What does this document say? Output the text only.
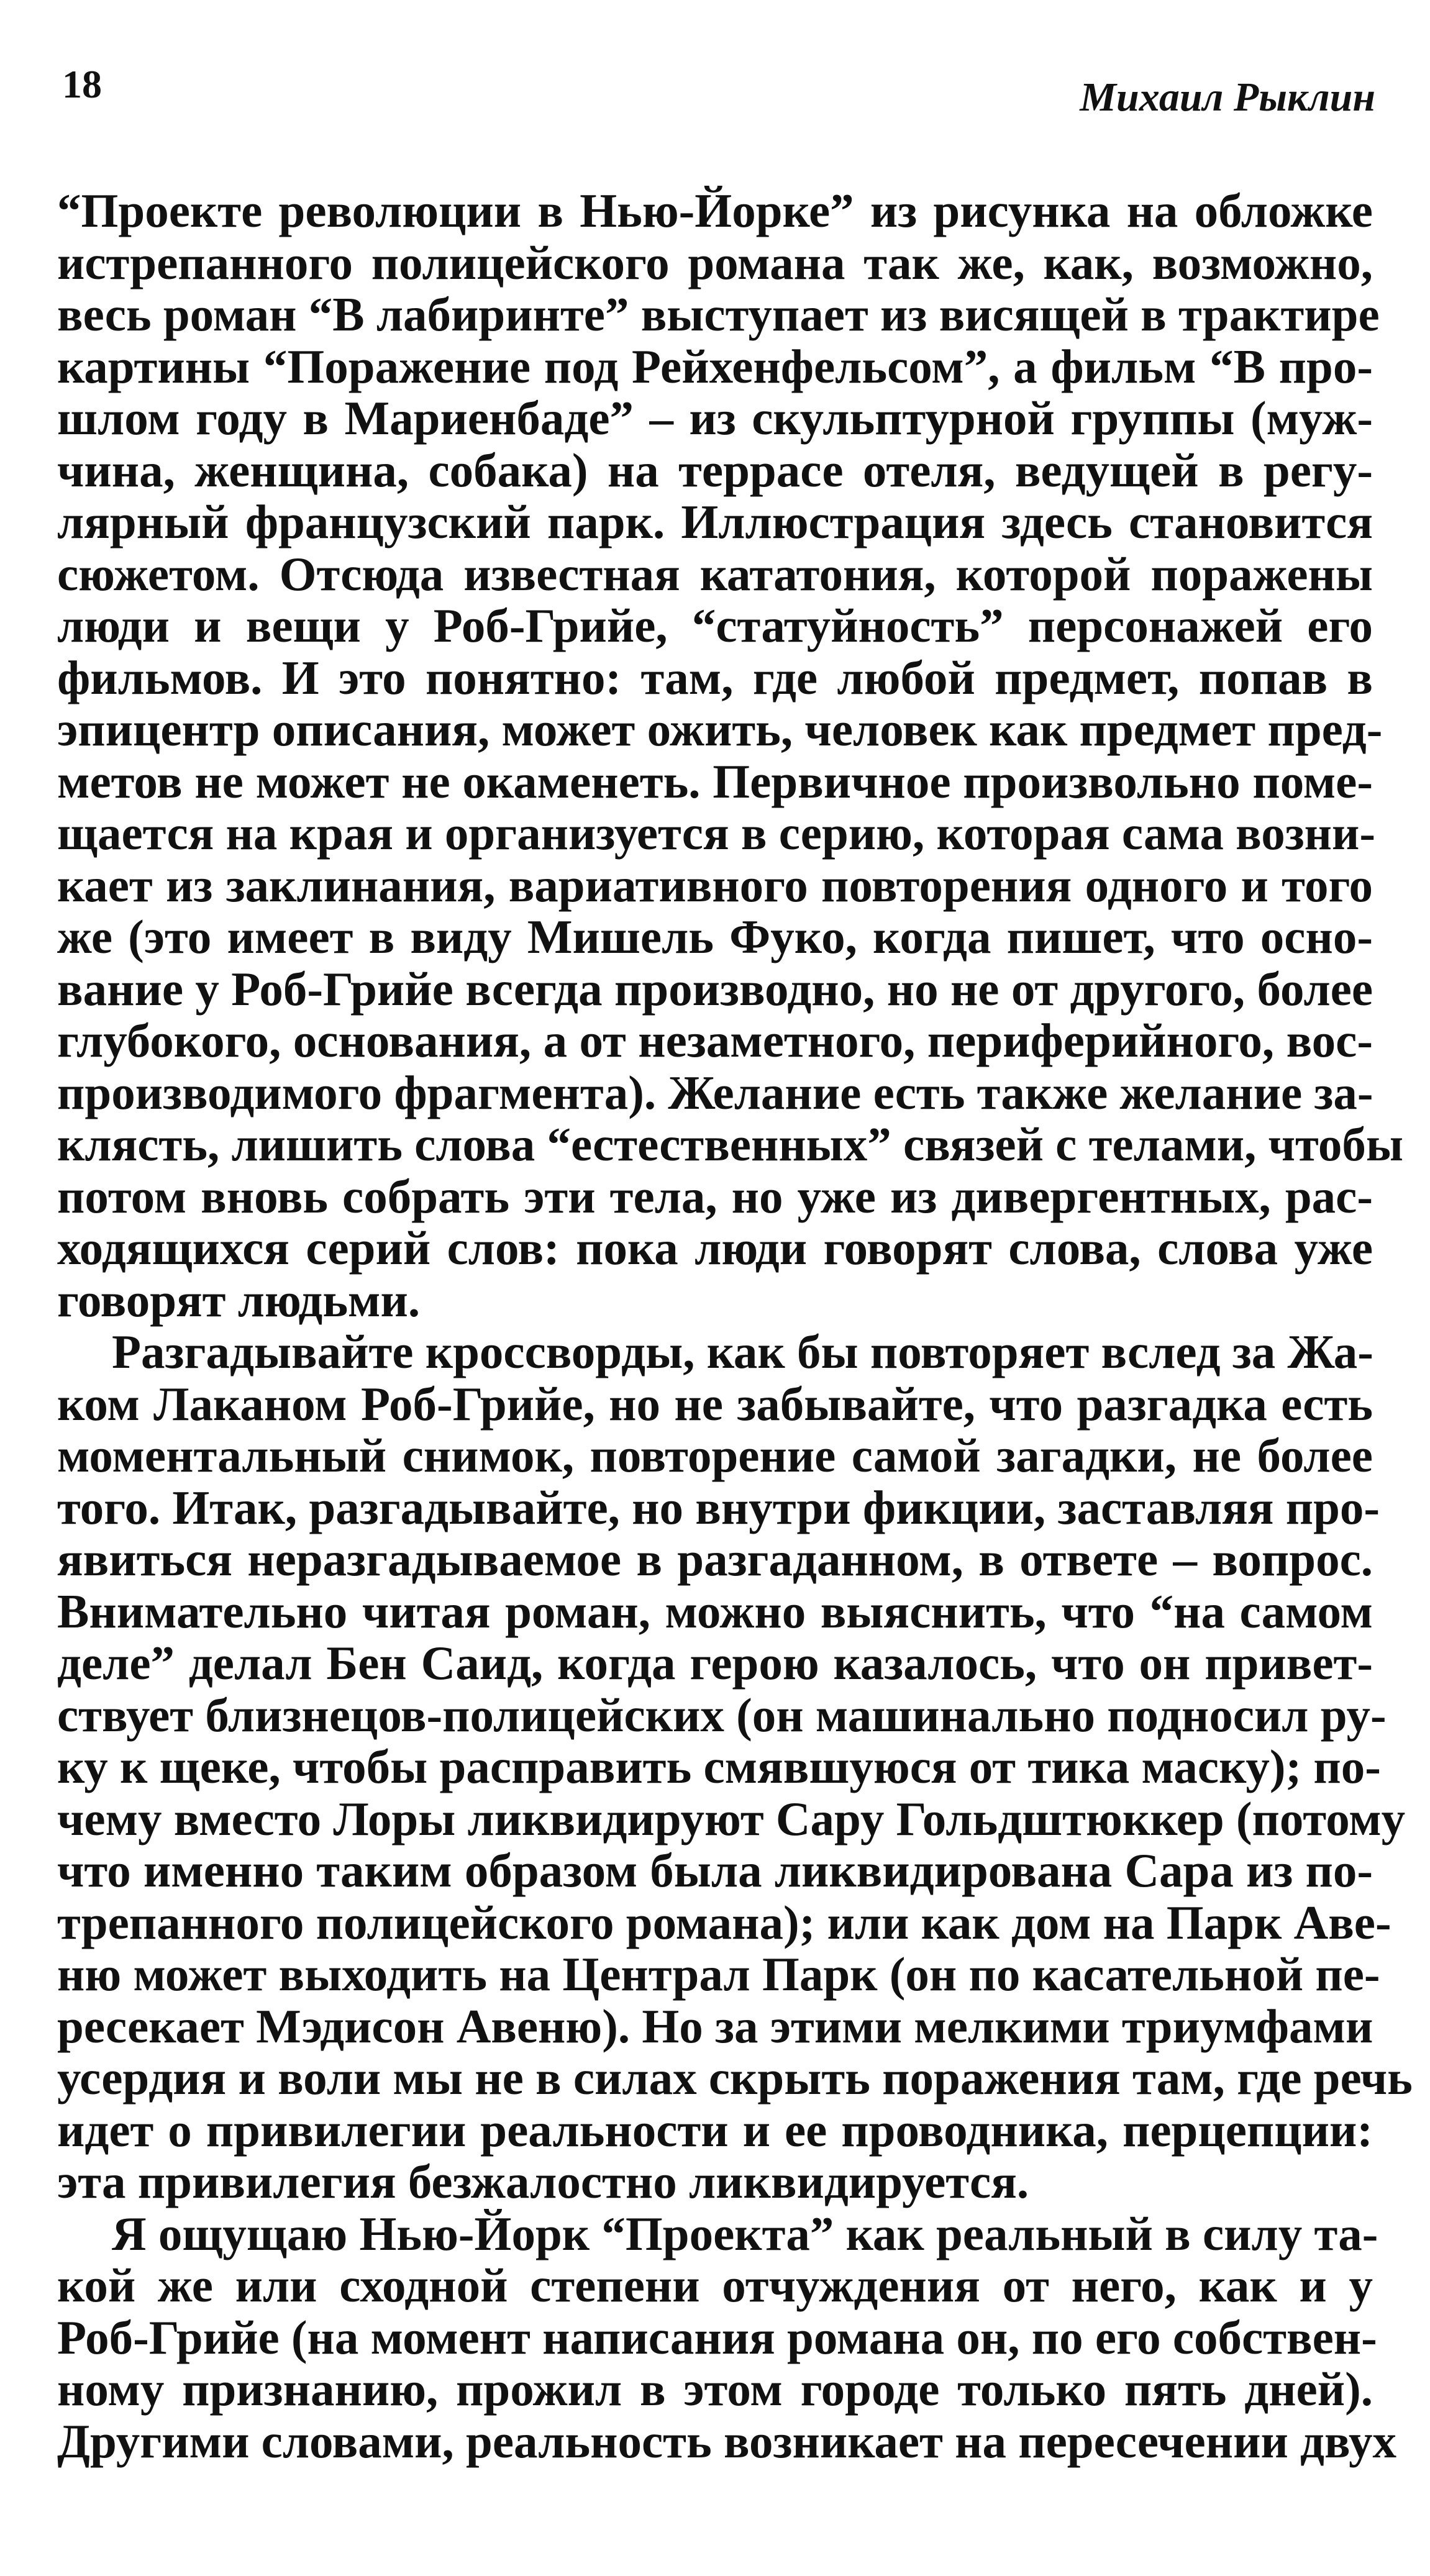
18	Михаил Рыклин
“Проекте революции в Нью-Йорке” из рисунка на обложке
истрепанного полицейского романа так же, как, возможно,
весь роман “В лабиринте” выступает из висящей в трактире
картины “Поражение под Рейхенфельсом”, а фильм “В про-
шлом году в Мариенбаде” – из скульптурной группы (муж-
чина, женщина, собака) на террасе отеля, ведущей в регу-
лярный французский парк. Иллюстрация здесь становится
сюжетом. Отсюда известная кататония, которой поражены
люди и вещи у Роб-Грийе, “статуйность” персонажей его
фильмов. И это понятно: там, где любой предмет, попав в
эпицентр описания, может ожить, человек как предмет пред-
метов не может не окаменеть. Первичное произвольно поме-
щается на края и организуется в серию, которая сама возни-
кает из заклинания, вариативного повторения одного и того
же (это имеет в виду Мишель Фуко, когда пишет, что осно-
вание у Роб-Грийе всегда производно, но не от другого, более
глубокого, основания, а от незаметного, периферийного, вос-
производимого фрагмента). Желание есть также желание за-
клясть, лишить слова “естественных” связей с телами, чтобы
потом вновь собрать эти тела, но уже из дивергентных, рас-
ходящихся серий слов: пока люди говорят слова, слова уже
говорят людьми.
Разгадывайте кроссворды, как бы повторяет вслед за Жа-
ком Лаканом Роб-Грийе, но не забывайте, что разгадка есть
моментальный снимок, повторение самой загадки, не более
того. Итак, разгадывайте, но внутри фикции, заставляя про-
явиться неразгадываемое в разгаданном, в ответе – вопрос.
Внимательно читая роман, можно выяснить, что “на самом
деле” делал Бен Саид, когда герою казалось, что он привет-
ствует близнецов-полицейских (он машинально подносил ру-
ку к щеке, чтобы расправить смявшуюся от тика маску); по-
чему вместо Лоры ликвидируют Сару Гольдштюккер (потому
что именно таким образом была ликвидирована Сара из по-
трепанного полицейского романа); или как дом на Парк Аве-
ню может выходить на Централ Парк (он по касательной пе-
ресекает Мэдисон Авеню). Но за этими мелкими триумфами
усердия и воли мы не в силах скрыть поражения там, где речь
идет о привилегии реальности и ее проводника, перцепции:
эта привилегия безжалостно ликвидируется.
Я ощущаю Нью-Йорк “Проекта” как реальный в силу та-
кой же или сходной степени отчуждения от него, как и у
Роб-Грийе (на момент написания романа он, по его собствен-
ному признанию, прожил в этом городе только пять дней).
Другими словами, реальность возникает на пересечении двух
